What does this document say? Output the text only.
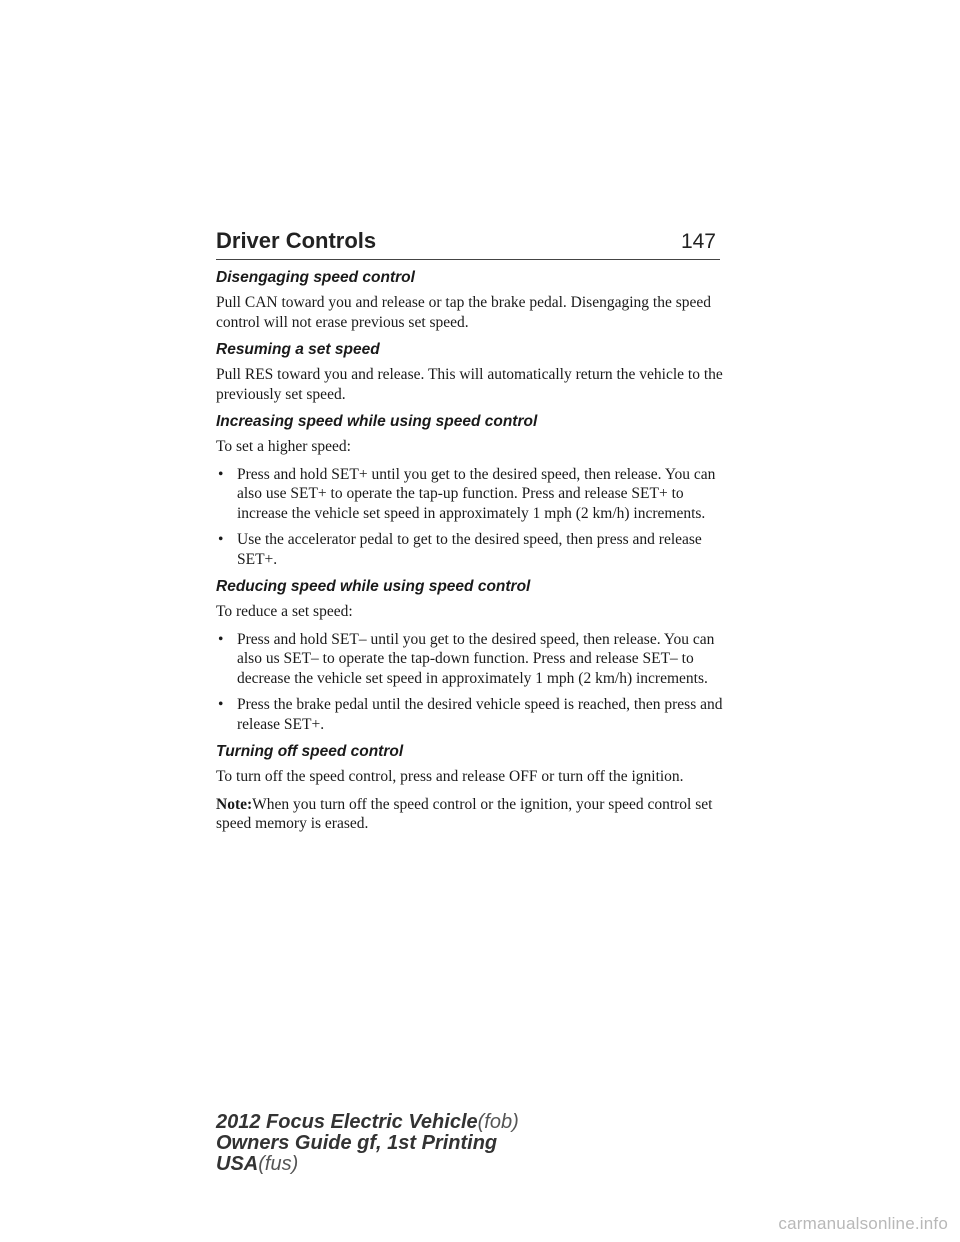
Driver Controls	147

Disengaging speed control

Pull CAN toward you and release or tap the brake pedal. Disengaging the speed control will not erase previous set speed.

Resuming a set speed

Pull RES toward you and release. This will automatically return the vehicle to the previously set speed.

Increasing speed while using speed control

To set a higher speed:

• Press and hold SET+ until you get to the desired speed, then release. You can also use SET+ to operate the tap-up function. Press and release SET+ to increase the vehicle set speed in approximately 1 mph (2 km/h) increments.
• Use the accelerator pedal to get to the desired speed, then press and release SET+.

Reducing speed while using speed control

To reduce a set speed:

• Press and hold SET– until you get to the desired speed, then release. You can also us SET– to operate the tap-down function. Press and release SET– to decrease the vehicle set speed in approximately 1 mph (2 km/h) increments.
• Press the brake pedal until the desired vehicle speed is reached, then press and release SET+.

Turning off speed control

To turn off the speed control, press and release OFF or turn off the ignition.

Note:When you turn off the speed control or the ignition, your speed control set speed memory is erased.

2012 Focus Electric Vehicle(fob)
Owners Guide gf, 1st Printing
USA(fus)
carmanualsonline.info
